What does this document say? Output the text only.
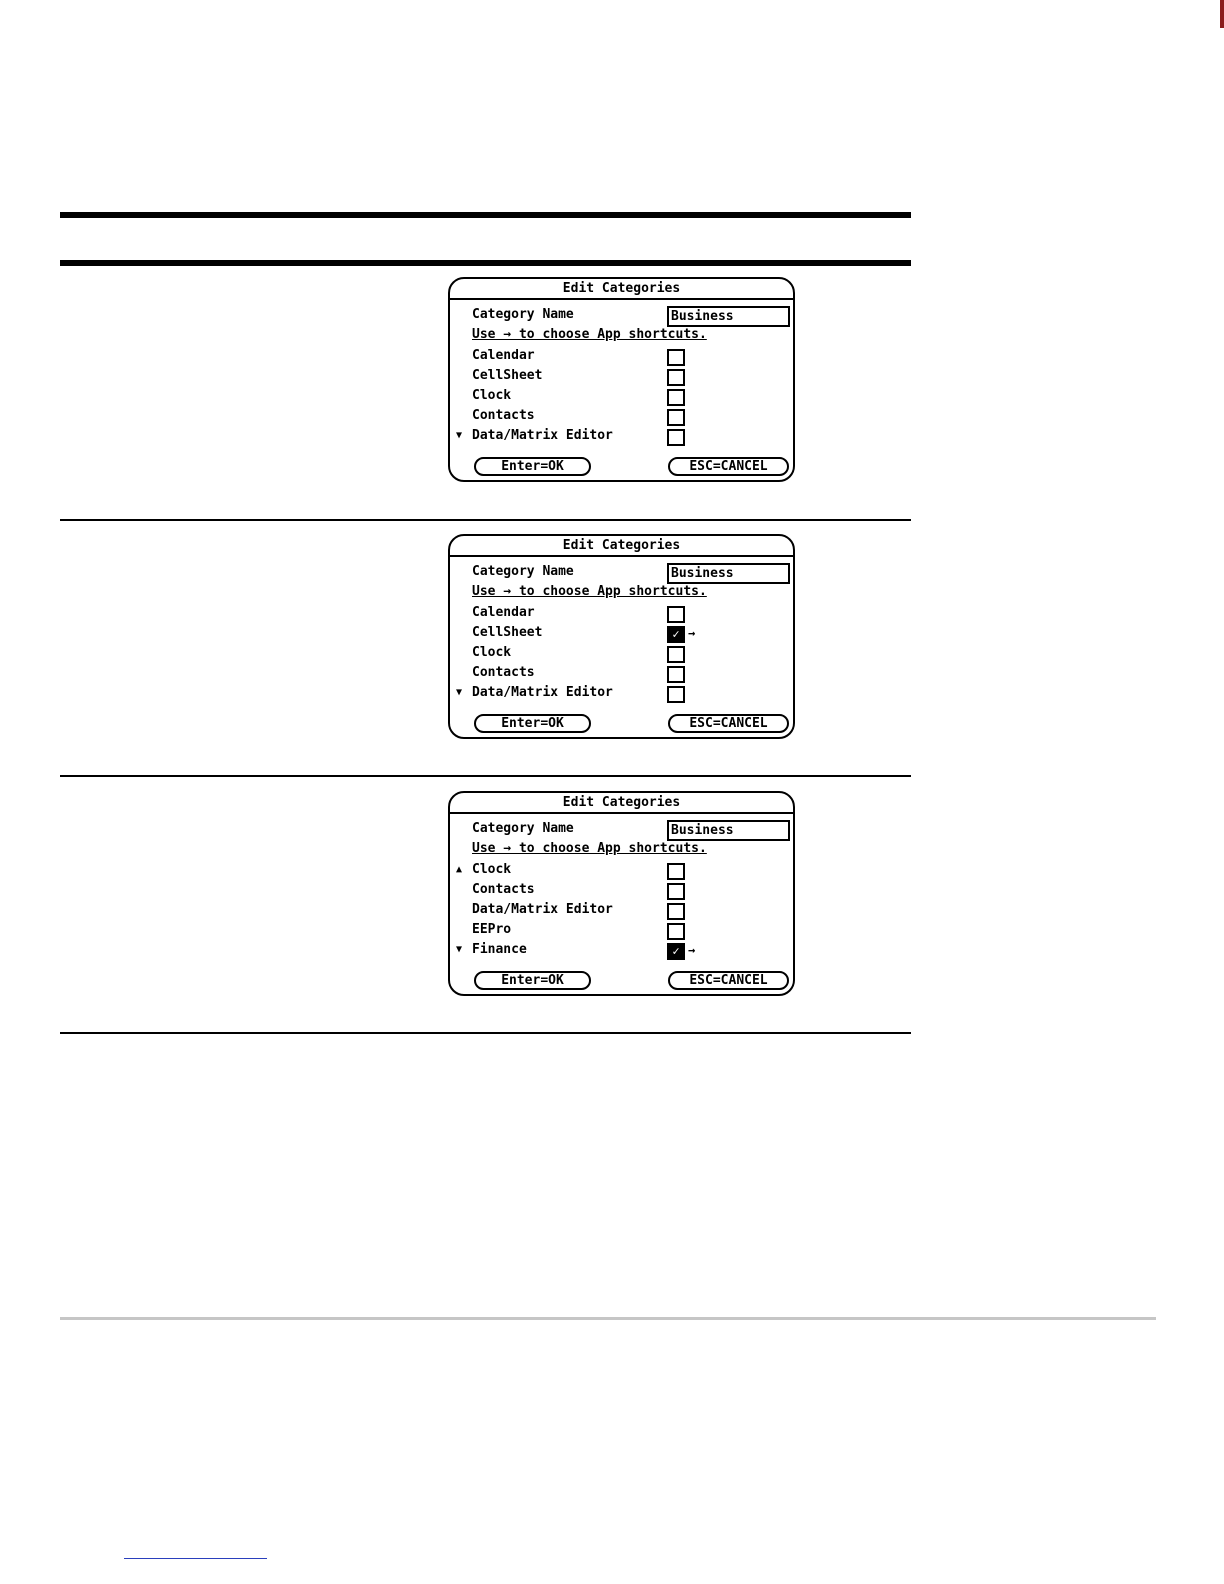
Edit Categories
Category Name
Business
Use → to choose App shortcuts.
Calendar
CellSheet
Clock
Contacts
▼ Data/Matrix Editor
Enter=OK	ESC=CANCEL
Edit Categories
Category Name
Business
Use → to choose App shortcuts.
Calendar
CellSheet	✓ →
Clock
Contacts
▼ Data/Matrix Editor
Enter=OK	ESC=CANCEL
Edit Categories
Category Name
Business
Use → to choose App shortcuts.
▲ Clock
Contacts
Data/Matrix Editor
EEPro
▼ Finance	✓ →
Enter=OK	ESC=CANCEL
